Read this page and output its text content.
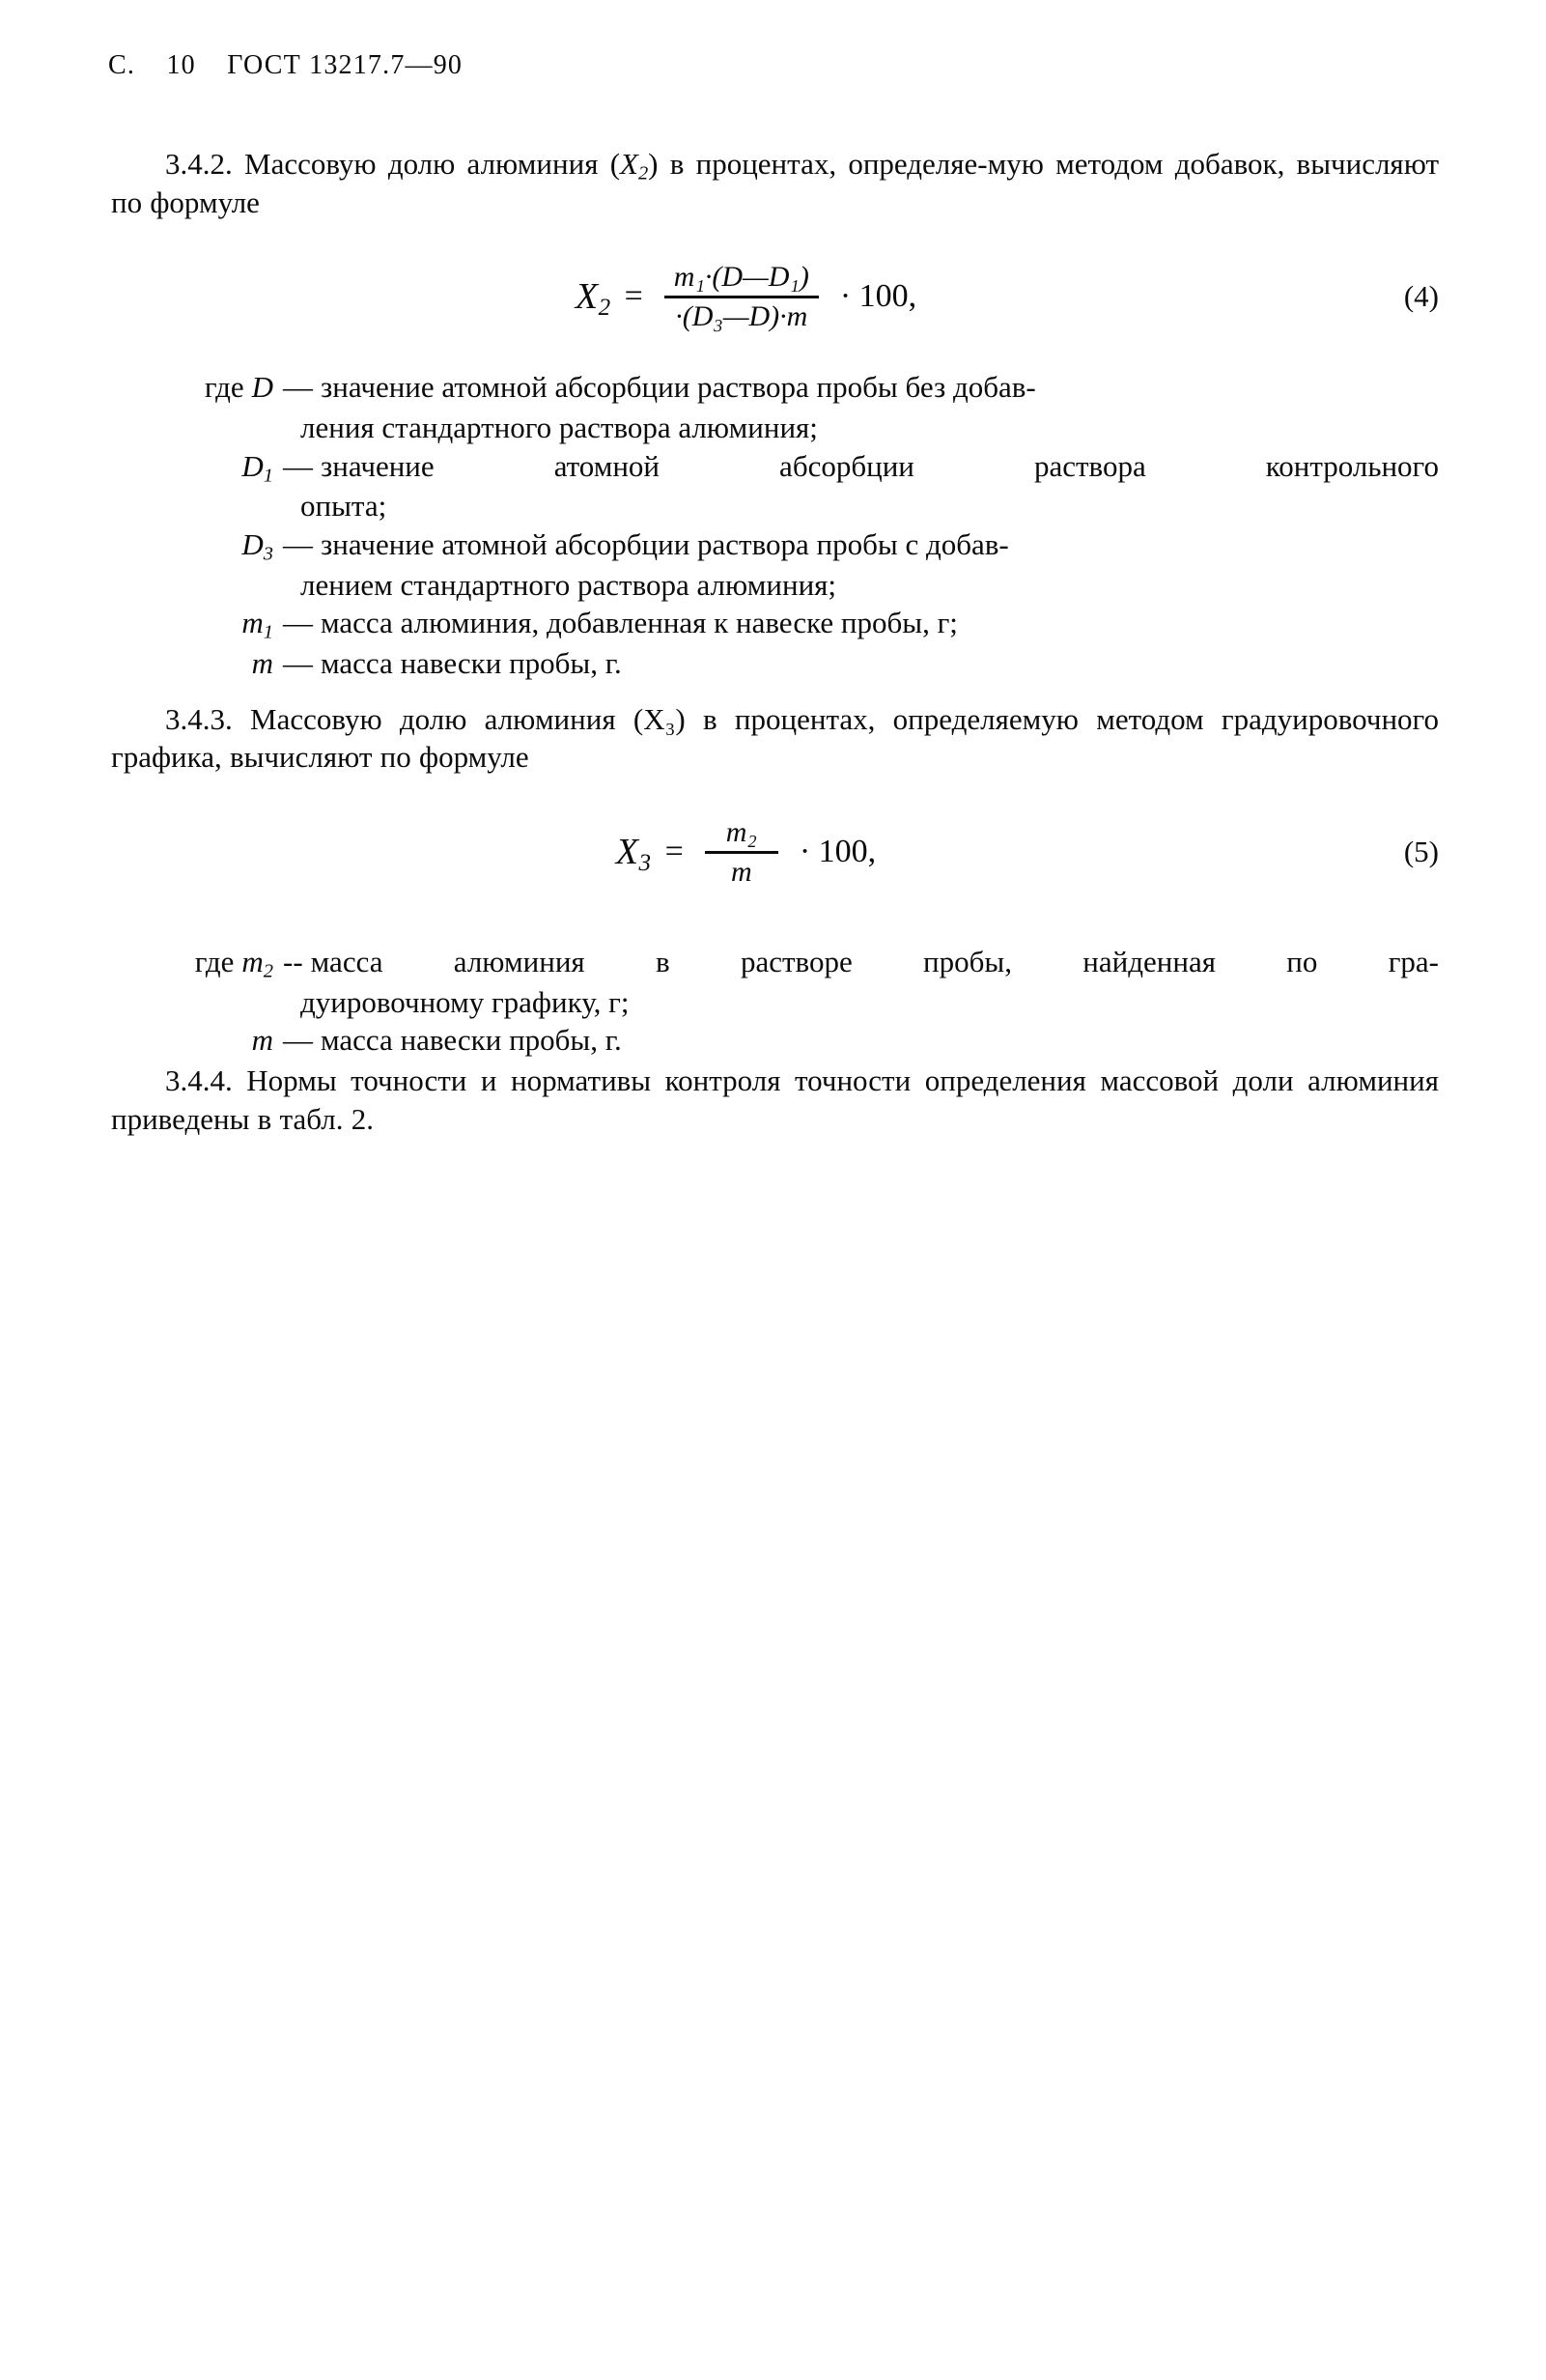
С. 10 ГОСТ 13217.7—90

3.4.2. Массовую долю алюминия $(X_2)$ в процентах, определяе-мую методом добавок, вычисляют по формуле

$X_2 = \frac{\text{m₁·(D—D₁)}}{\text{·(D₃—D)·m}} \cdot 100$,	(4)
где D — значение атомной абсорбции раствора пробы без добав-
ления стандартного раствора алюминия;
$D_1$ — значение атомной абсорбции раствора контрольного
опыта;
$D_3$ — значение атомной абсорбции раствора пробы с добав-
лением стандартного раствора алюминия;
$m_1$ — масса алюминия, добавленная к навеске пробы, г;
m — масса навески пробы, г.

3.4.3. Массовую долю алюминия (X₃) в процентах, определяемую методом градуировочного графика, вычисляют по формуле

$X_3 = \frac{\text{m₂}}{m} \cdot 100$,	(5)
где $m_2$ -- масса алюминия в растворе пробы, найденная по гра-
дуировочному графику, г;
m — масса навески пробы, г.

3.4.4. Нормы точности и нормативы контроля точности определения массовой доли алюминия приведены в табл. 2.
